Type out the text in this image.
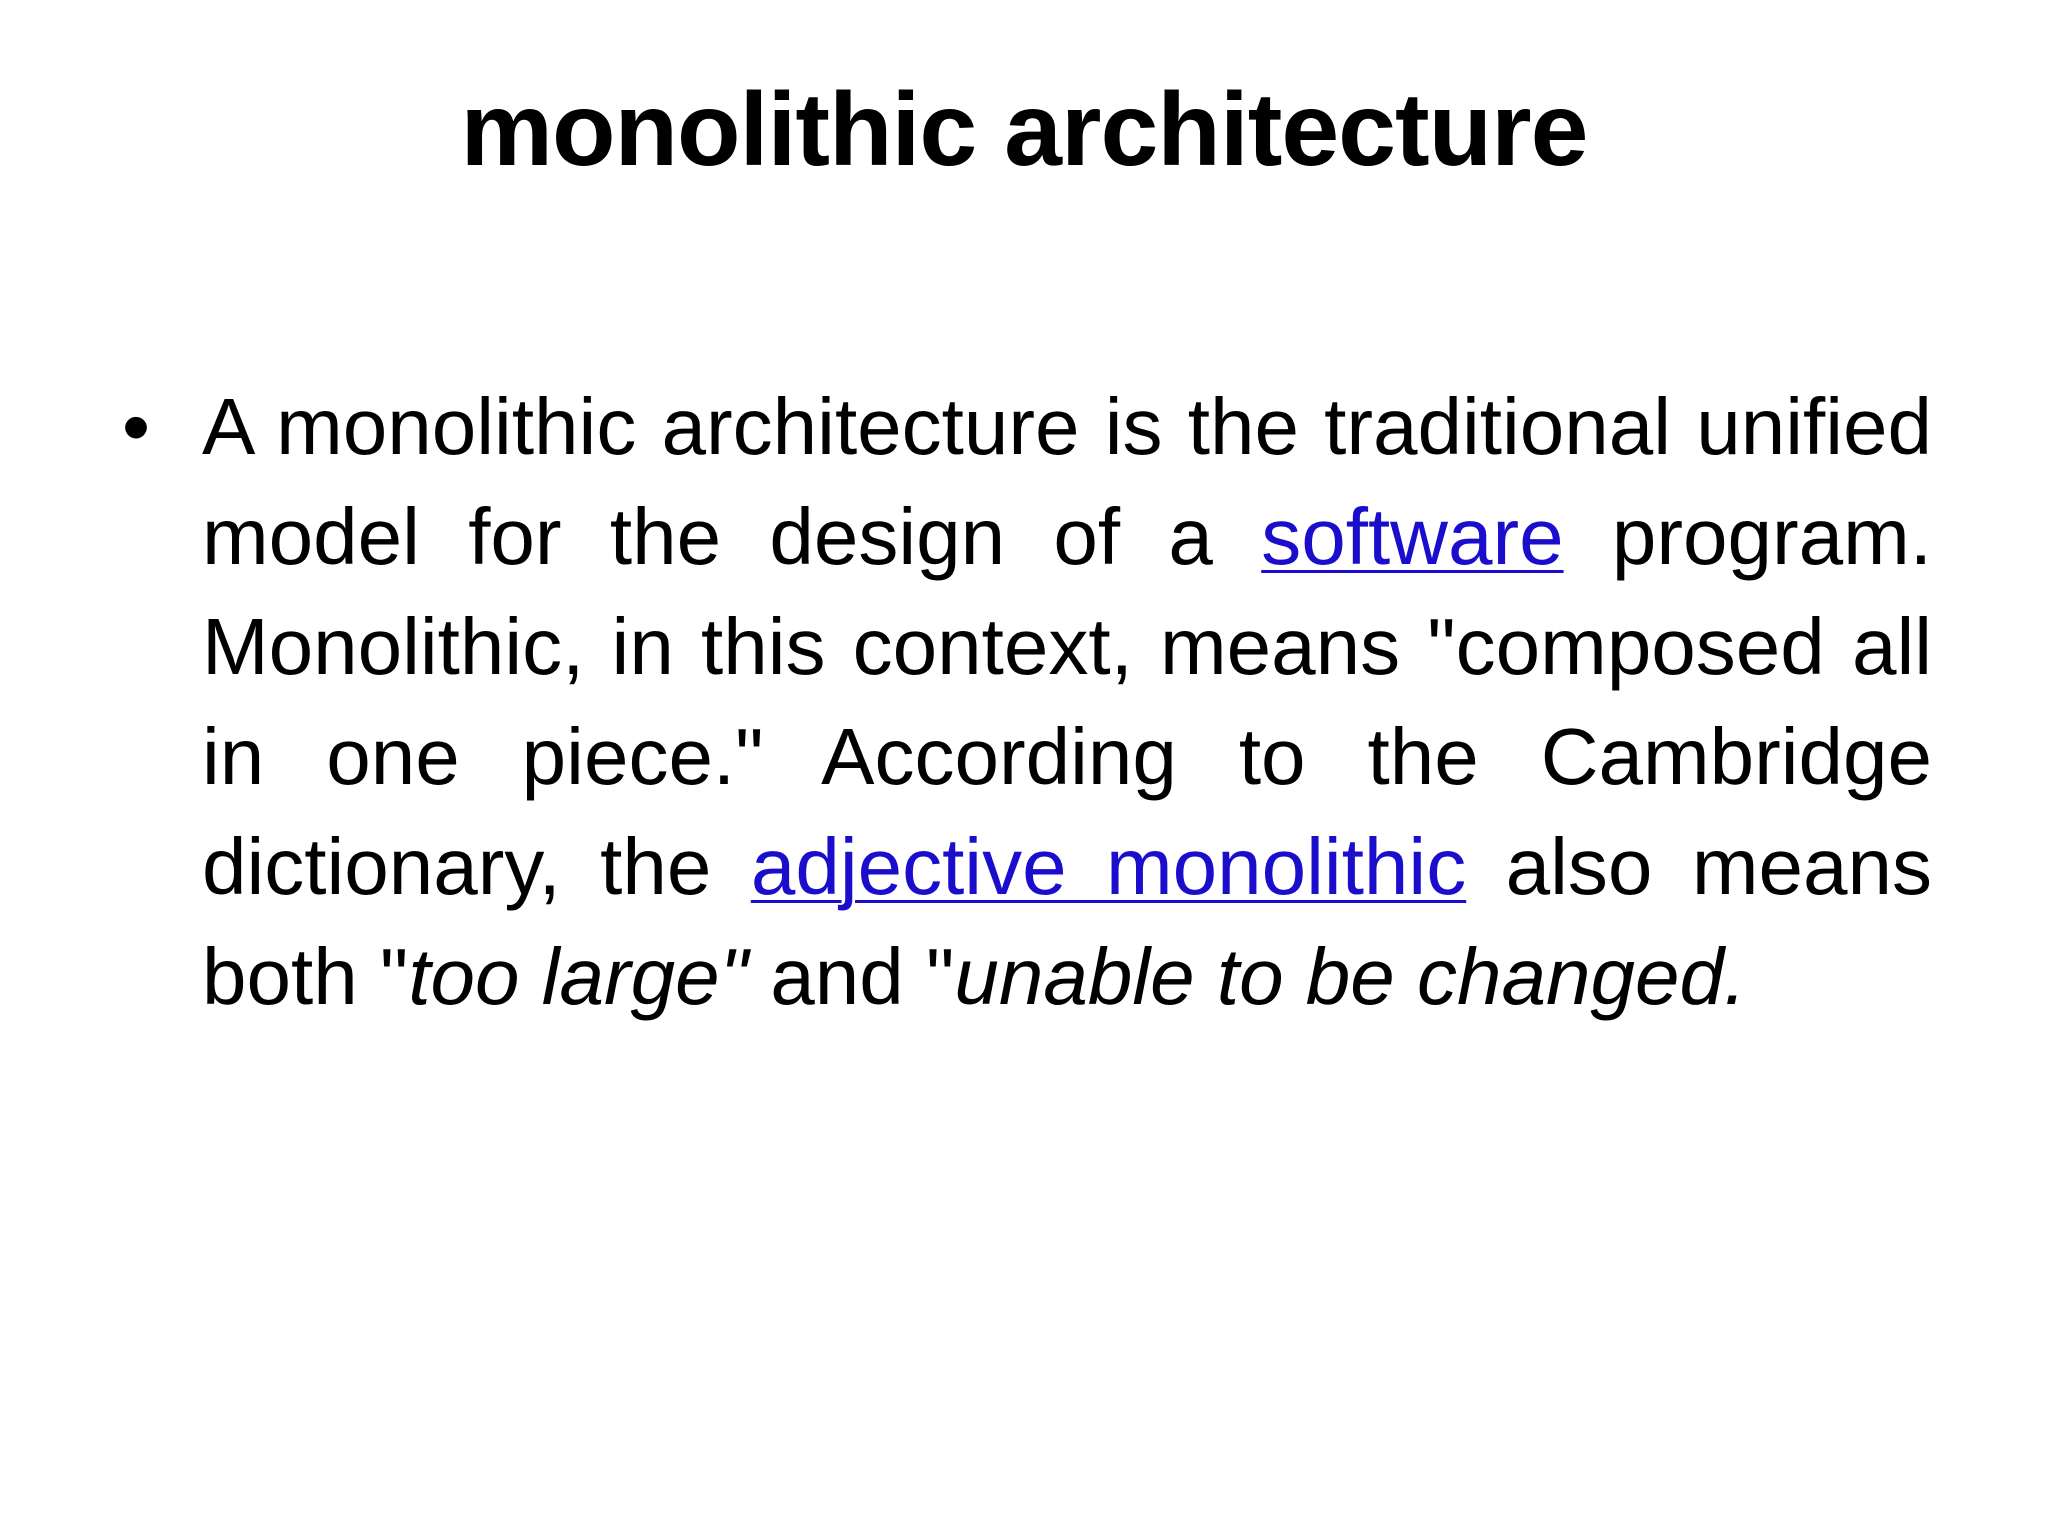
monolithic architecture
• A monolithic architecture is the traditional unified model for the design of a software program. Monolithic, in this context, means "composed all in one piece." According to the Cambridge dictionary, the adjective monolithic also means both "too large" and "unable to be changed.
